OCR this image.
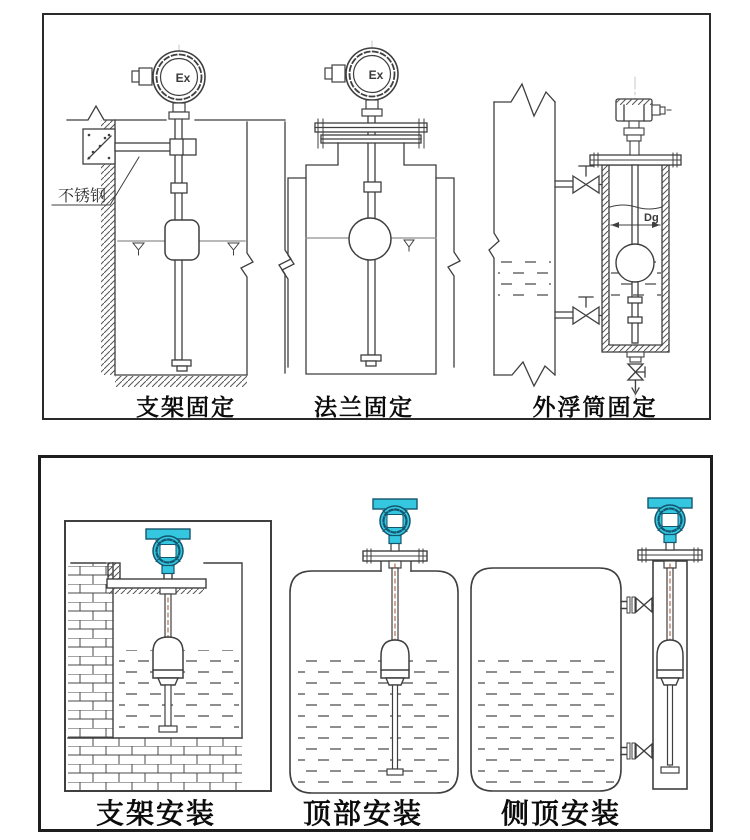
Ex	Ex
Dg
不锈钢
支架固定	法兰固定	外浮筒固定
支架安装	顶部安装	侧顶安装
